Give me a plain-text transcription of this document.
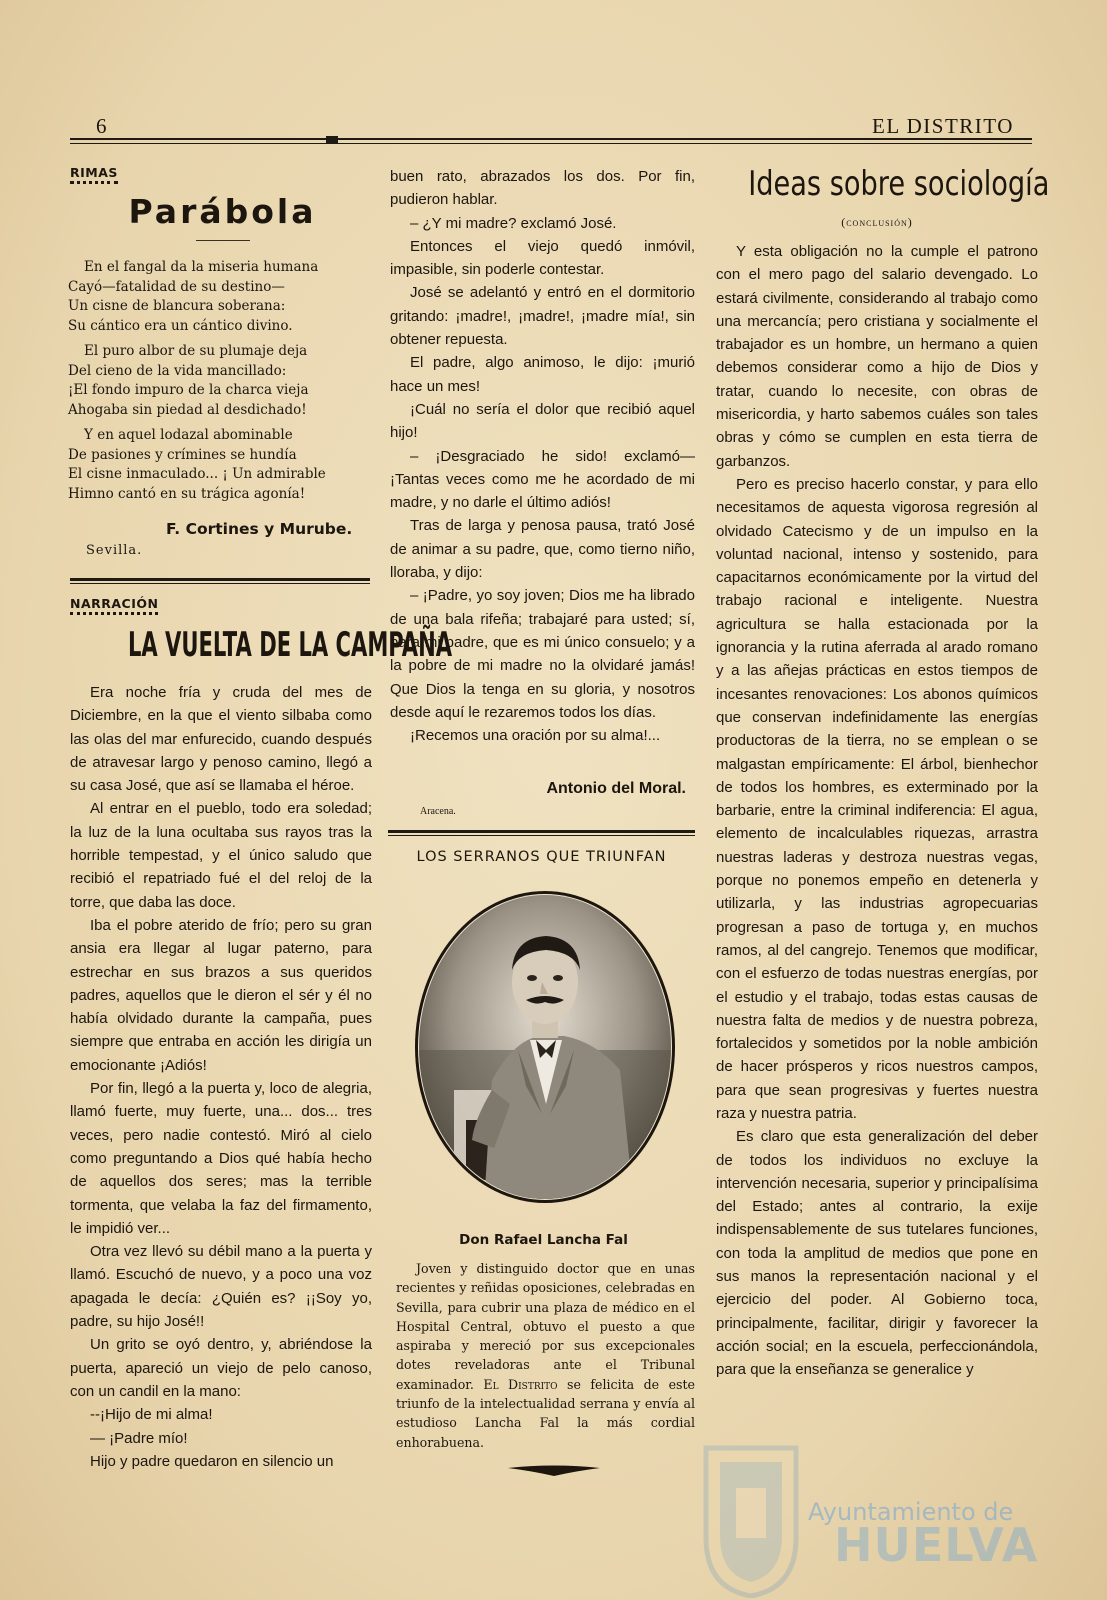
6	EL DISTRITO
RIMAS
Parábola
En el fangal da la miseria humana
Cayó—fatalidad de su destino—
Un cisne de blancura soberana:
Su cántico era un cántico divino.
El puro albor de su plumaje deja
Del cieno de la vida mancillado:
¡El fondo impuro de la charca vieja
Ahogaba sin piedad al desdichado!
Y en aquel lodazal abominable
De pasiones y crímines se hundía
El cisne inmaculado... ¡ Un admirable
Himno cantó en su trágica agonía!
F. Cortines y Murube.
Sevilla.
NARRACIÓN
LA VUELTA DE LA CAMPAÑA

Era noche fría y cruda del mes de Diciembre, en la que el viento silbaba como las olas del mar enfurecido, cuando después de atravesar largo y penoso camino, llegó a su casa José, que así se llamaba el héroe.

Al entrar en el pueblo, todo era soledad; la luz de la luna ocultaba sus rayos tras la horrible tempestad, y el único saludo que recibió el repatriado fué el del reloj de la torre, que daba las doce.

Iba el pobre aterido de frío; pero su gran ansia era llegar al lugar paterno, para estrechar en sus brazos a sus queridos padres, aquellos que le dieron el sér y él no había olvidado durante la campaña, pues siempre que entraba en acción les dirigía un emocionante ¡Adiós!

Por fin, llegó a la puerta y, loco de alegria, llamó fuerte, muy fuerte, una... dos... tres veces, pero nadie contestó. Miró al cielo como preguntando a Dios qué había hecho de aquellos dos seres; mas la terrible tormenta, que velaba la faz del firmamento, le impidió ver...

Otra vez llevó su débil mano a la puerta y llamó. Escuchó de nuevo, y a poco una voz apagada le decía: ¿Quién es? ¡¡Soy yo, padre, su hijo José!!

Un grito se oyó dentro, y, abriéndose la puerta, apareció un viejo de pelo canoso, con un candil en la mano:

--¡Hijo de mi alma!

— ¡Padre mío!

Hijo y padre quedaron en silencio un

buen rato, abrazados los dos. Por fin, pudieron hablar.

– ¿Y mi madre? exclamó José.

Entonces el viejo quedó inmóvil, impasible, sin poderle contestar.

José se adelantó y entró en el dormitorio gritando: ¡madre!, ¡madre!, ¡madre mía!, sin obtener repuesta.

El padre, algo animoso, le dijo: ¡murió hace un mes!

¡Cuál no sería el dolor que recibió aquel hijo!

– ¡Desgraciado he sido! exclamó— ¡Tantas veces como me he acordado de mi madre, y no darle el último adiós!

Tras de larga y penosa pausa, trató José de animar a su padre, que, como tierno niño, lloraba, y dijo:

– ¡Padre, yo soy joven; Dios me ha librado de una bala rifeña; trabajaré para usted; sí, para mi padre, que es mi único consuelo; y a la pobre de mi madre no la olvidaré jamás! Que Dios la tenga en su gloria, y nosotros desde aquí le rezaremos todos los días.

¡Recemos una oración por su alma!...

Antonio del Moral.
Aracena.
LOS SERRANOS QUE TRIUNFAN
Don Rafael Lancha Fal

Joven y distinguido doctor que en unas recientes y reñidas oposiciones, celebradas en Sevilla, para cubrir una plaza de médico en el Hospital Central, obtuvo el puesto a que aspiraba y mereció por sus excepcionales dotes reveladoras ante el Tribunal examinador. El Distrito se felicita de este triunfo de la intelectualidad serrana y envía al estudioso Lancha Fal la más cordial enhorabuena.

Ideas sobre sociología
(conclusión)

Y esta obligación no la cumple el patrono con el mero pago del salario devengado. Lo estará civilmente, considerando al trabajo como una mercancía; pero cristiana y socialmente el trabajador es un hombre, un hermano a quien debemos considerar como a hijo de Dios y tratar, cuando lo necesite, con obras de misericordia, y harto sabemos cuáles son tales obras y cómo se cumplen en esta tierra de garbanzos.

Pero es preciso hacerlo constar, y para ello necesitamos de aquesta vigorosa regresión al olvidado Catecismo y de un impulso en la voluntad nacional, intenso y sostenido, para capacitarnos económicamente por la virtud del trabajo racional e inteligente. Nuestra agricultura se halla estacionada por la ignorancia y la rutina aferrada al arado romano y a las añejas prácticas en estos tiempos de incesantes renovaciones: Los abonos químicos que conservan indefinidamente las energías productoras de la tierra, no se emplean o se malgastan empíricamente: El árbol, bienhechor de todos los hombres, es exterminado por la barbarie, entre la criminal indiferencia: El agua, elemento de incalculables riquezas, arrastra nuestras laderas y destroza nuestras vegas, porque no ponemos empeño en detenerla y utilizarla, y las industrias agropecuarias progresan a paso de tortuga y, en muchos ramos, al del cangrejo. Tenemos que modificar, con el esfuerzo de todas nuestras energías, por el estudio y el trabajo, todas estas causas de nuestra falta de medios y de nuestra pobreza, fortalecidos y sometidos por la noble ambición de hacer prósperos y ricos nuestros campos, para que sean progresivas y fuertes nuestra raza y nuestra patria.

Es claro que esta generalización del deber de todos los individuos no excluye la intervención necesaria, superior y principalísima del Estado; antes al contrario, la exije indispensablemente de sus tutelares funciones, con toda la amplitud de medios que pone en sus manos la representación nacional y el ejercicio del poder. Al Gobierno toca, principalmente, facilitar, dirigir y favorecer la acción social; en la escuela, perfeccionándola, para que la enseñanza se generalice y

Ayuntamiento de
HUELVA
